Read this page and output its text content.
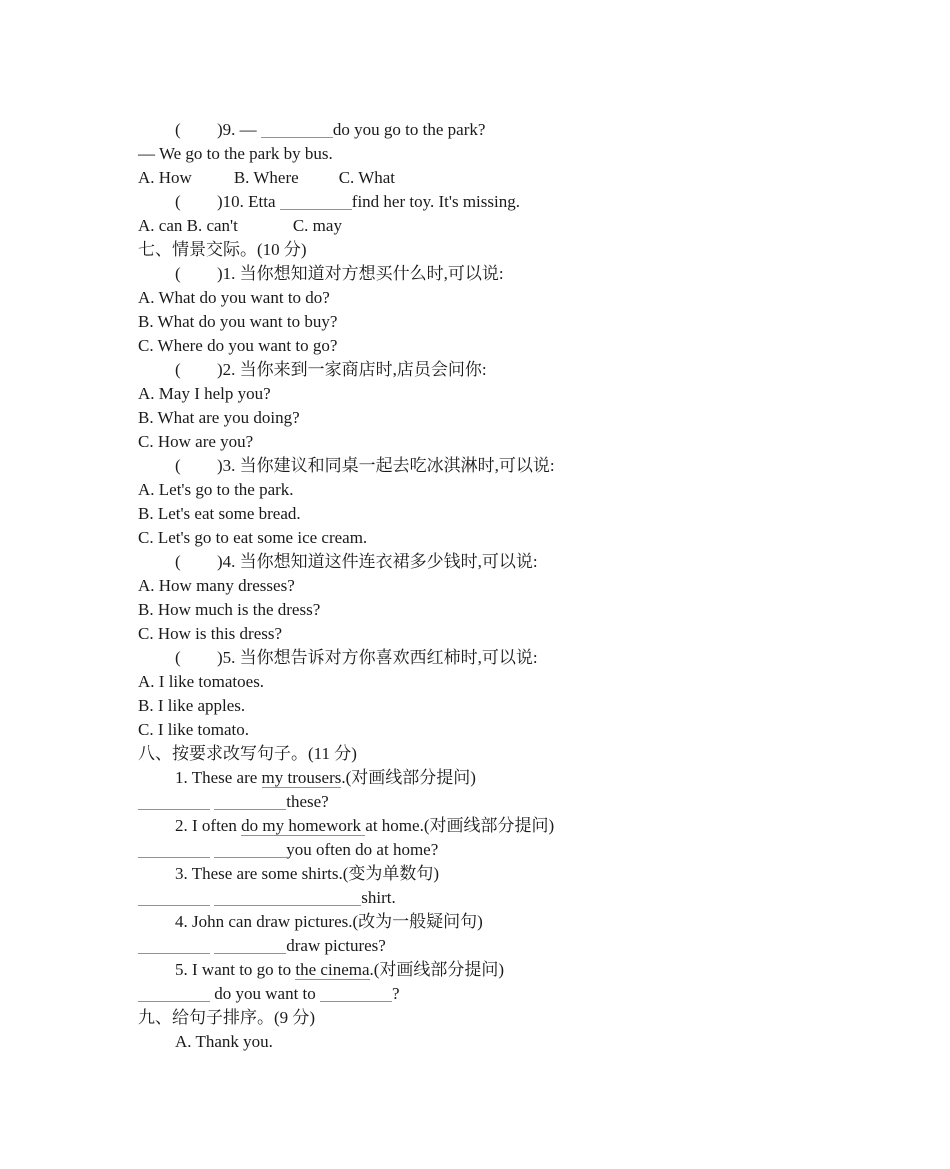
( )9. —	do you go to the park?
— We go to the park by bus.
A. How B. Where C. What
( )10. Etta	find her toy. It's missing.
A. can B. can't	C. may
七、情景交际。(10 分)
( )1. 当你想知道对方想买什么时,可以说:
A. What do you want to do?
B. What do you want to buy?
C. Where do you want to go?
( )2. 当你来到一家商店时,店员会问你:
A. May I help you?
B. What are you doing?
C. How are you?
( )3. 当你建议和同桌一起去吃冰淇淋时,可以说:
A. Let's go to the park.
B. Let's eat some bread.
C. Let's go to eat some ice cream.
( )4. 当你想知道这件连衣裙多少钱时,可以说:
A. How many dresses?
B. How much is the dress?
C. How is this dress?
( )5. 当你想告诉对方你喜欢西红柿时,可以说:
A. I like tomatoes.
B. I like apples.
C. I like tomato.
八、按要求改写句子。(11 分)
1. These are my trousers.(对画线部分提问)
these?
2. I often do my homework at home.(对画线部分提问)
you often do at home?
3. These are some shirts.(变为单数句)
shirt.
4. John can draw pictures.(改为一般疑问句)
draw pictures?
5. I want to go to the cinema.(对画线部分提问)
do you want to	?
九、给句子排序。(9 分)
A. Thank you.
